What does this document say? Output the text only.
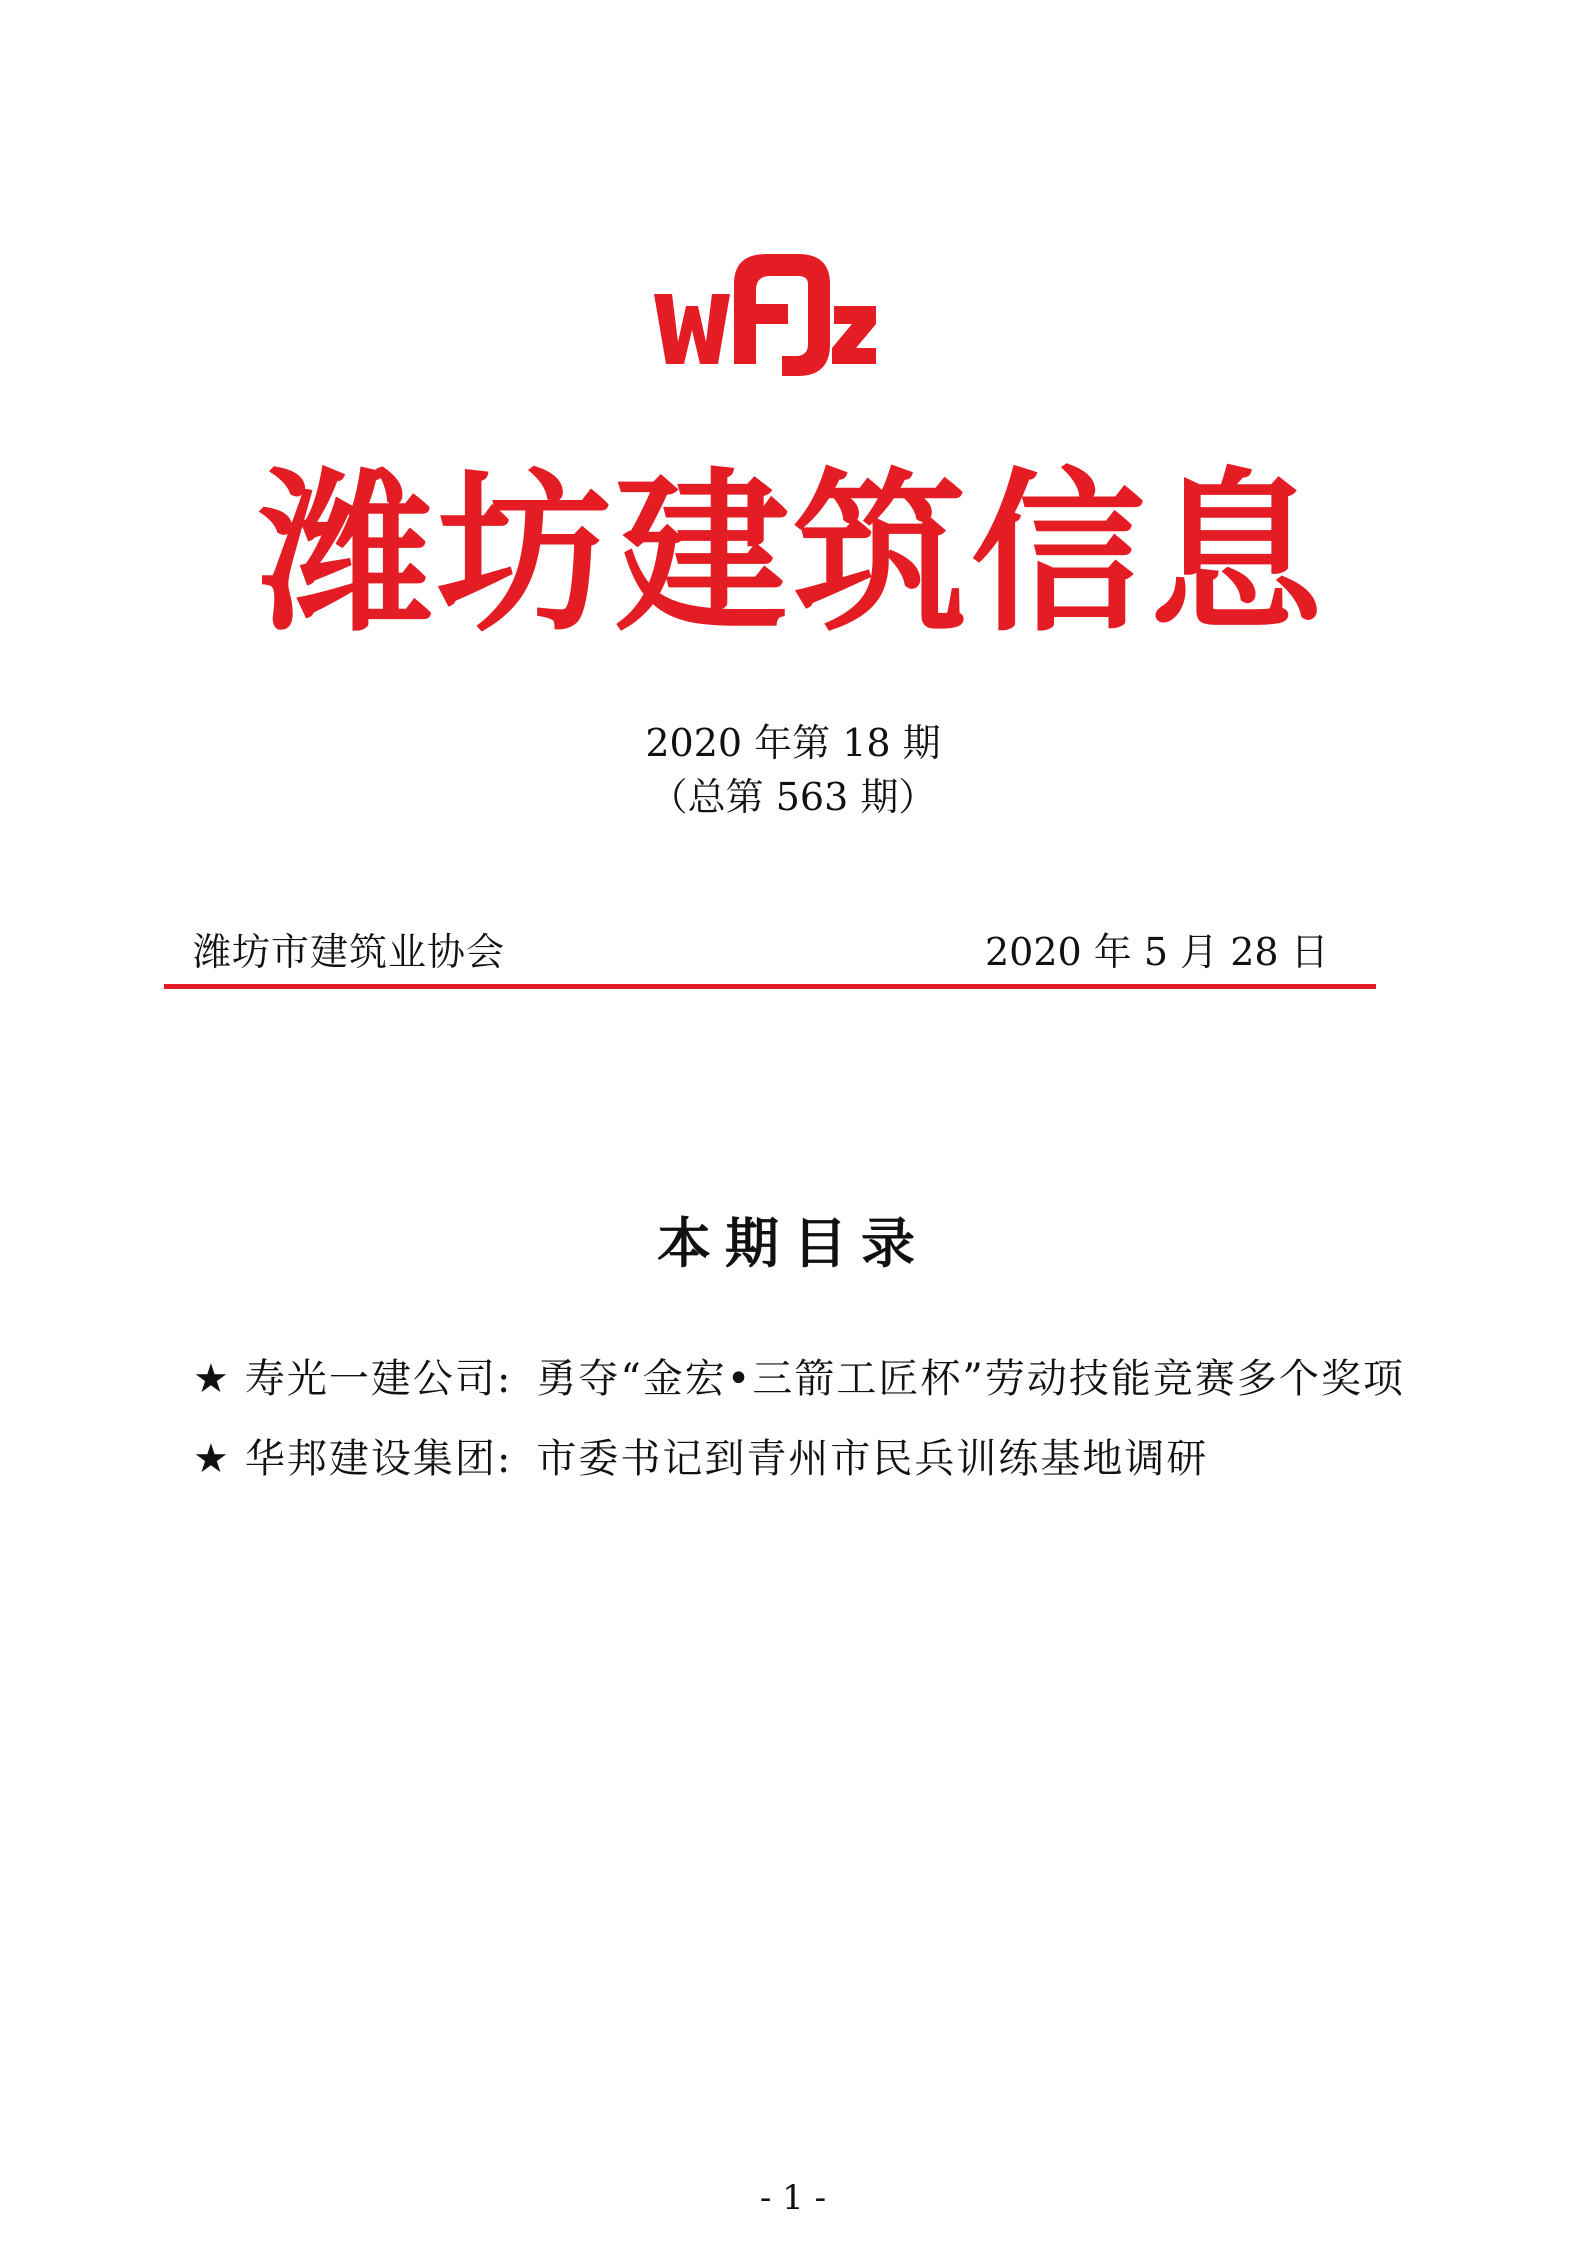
潍坊建筑信息
2020 年第 18 期
（总第 563 期）
潍坊市建筑业协会	2020 年 5 月 28 日
本期目录
★ 寿光一建公司: 勇夺“金宏•三箭工匠杯”劳动技能竞赛多个奖项
★ 华邦建设集团: 市委书记到青州市民兵训练基地调研
- 1 -
